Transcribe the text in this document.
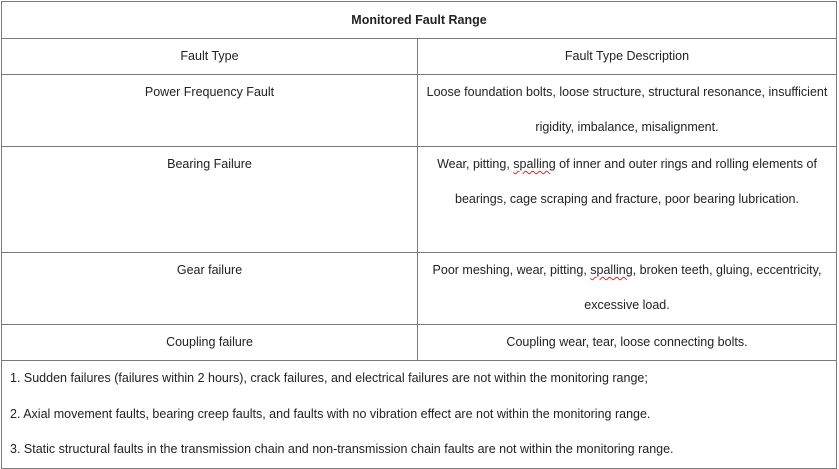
Monitored Fault Range	
Fault Type	Fault Type Description
Power Frequency Fault	Loose foundation bolts, loose structure, structural resonance, insufficient rigidity, imbalance, misalignment.
Bearing Failure	Wear, pitting, spalling of inner and outer rings and rolling elements of bearings, cage scraping and fracture, poor bearing lubrication.
Gear failure	Poor meshing, wear, pitting, spalling, broken teeth, gluing, eccentricity, excessive load.
Coupling failure	Coupling wear, tear, loose connecting bolts.

1. Sudden failures (failures within 2 hours), crack failures, and electrical failures are not within the monitoring range;
2. Axial movement faults, bearing creep faults, and faults with no vibration effect are not within the monitoring range.
3. Static structural faults in the transmission chain and non-transmission chain faults are not within the monitoring range.	
